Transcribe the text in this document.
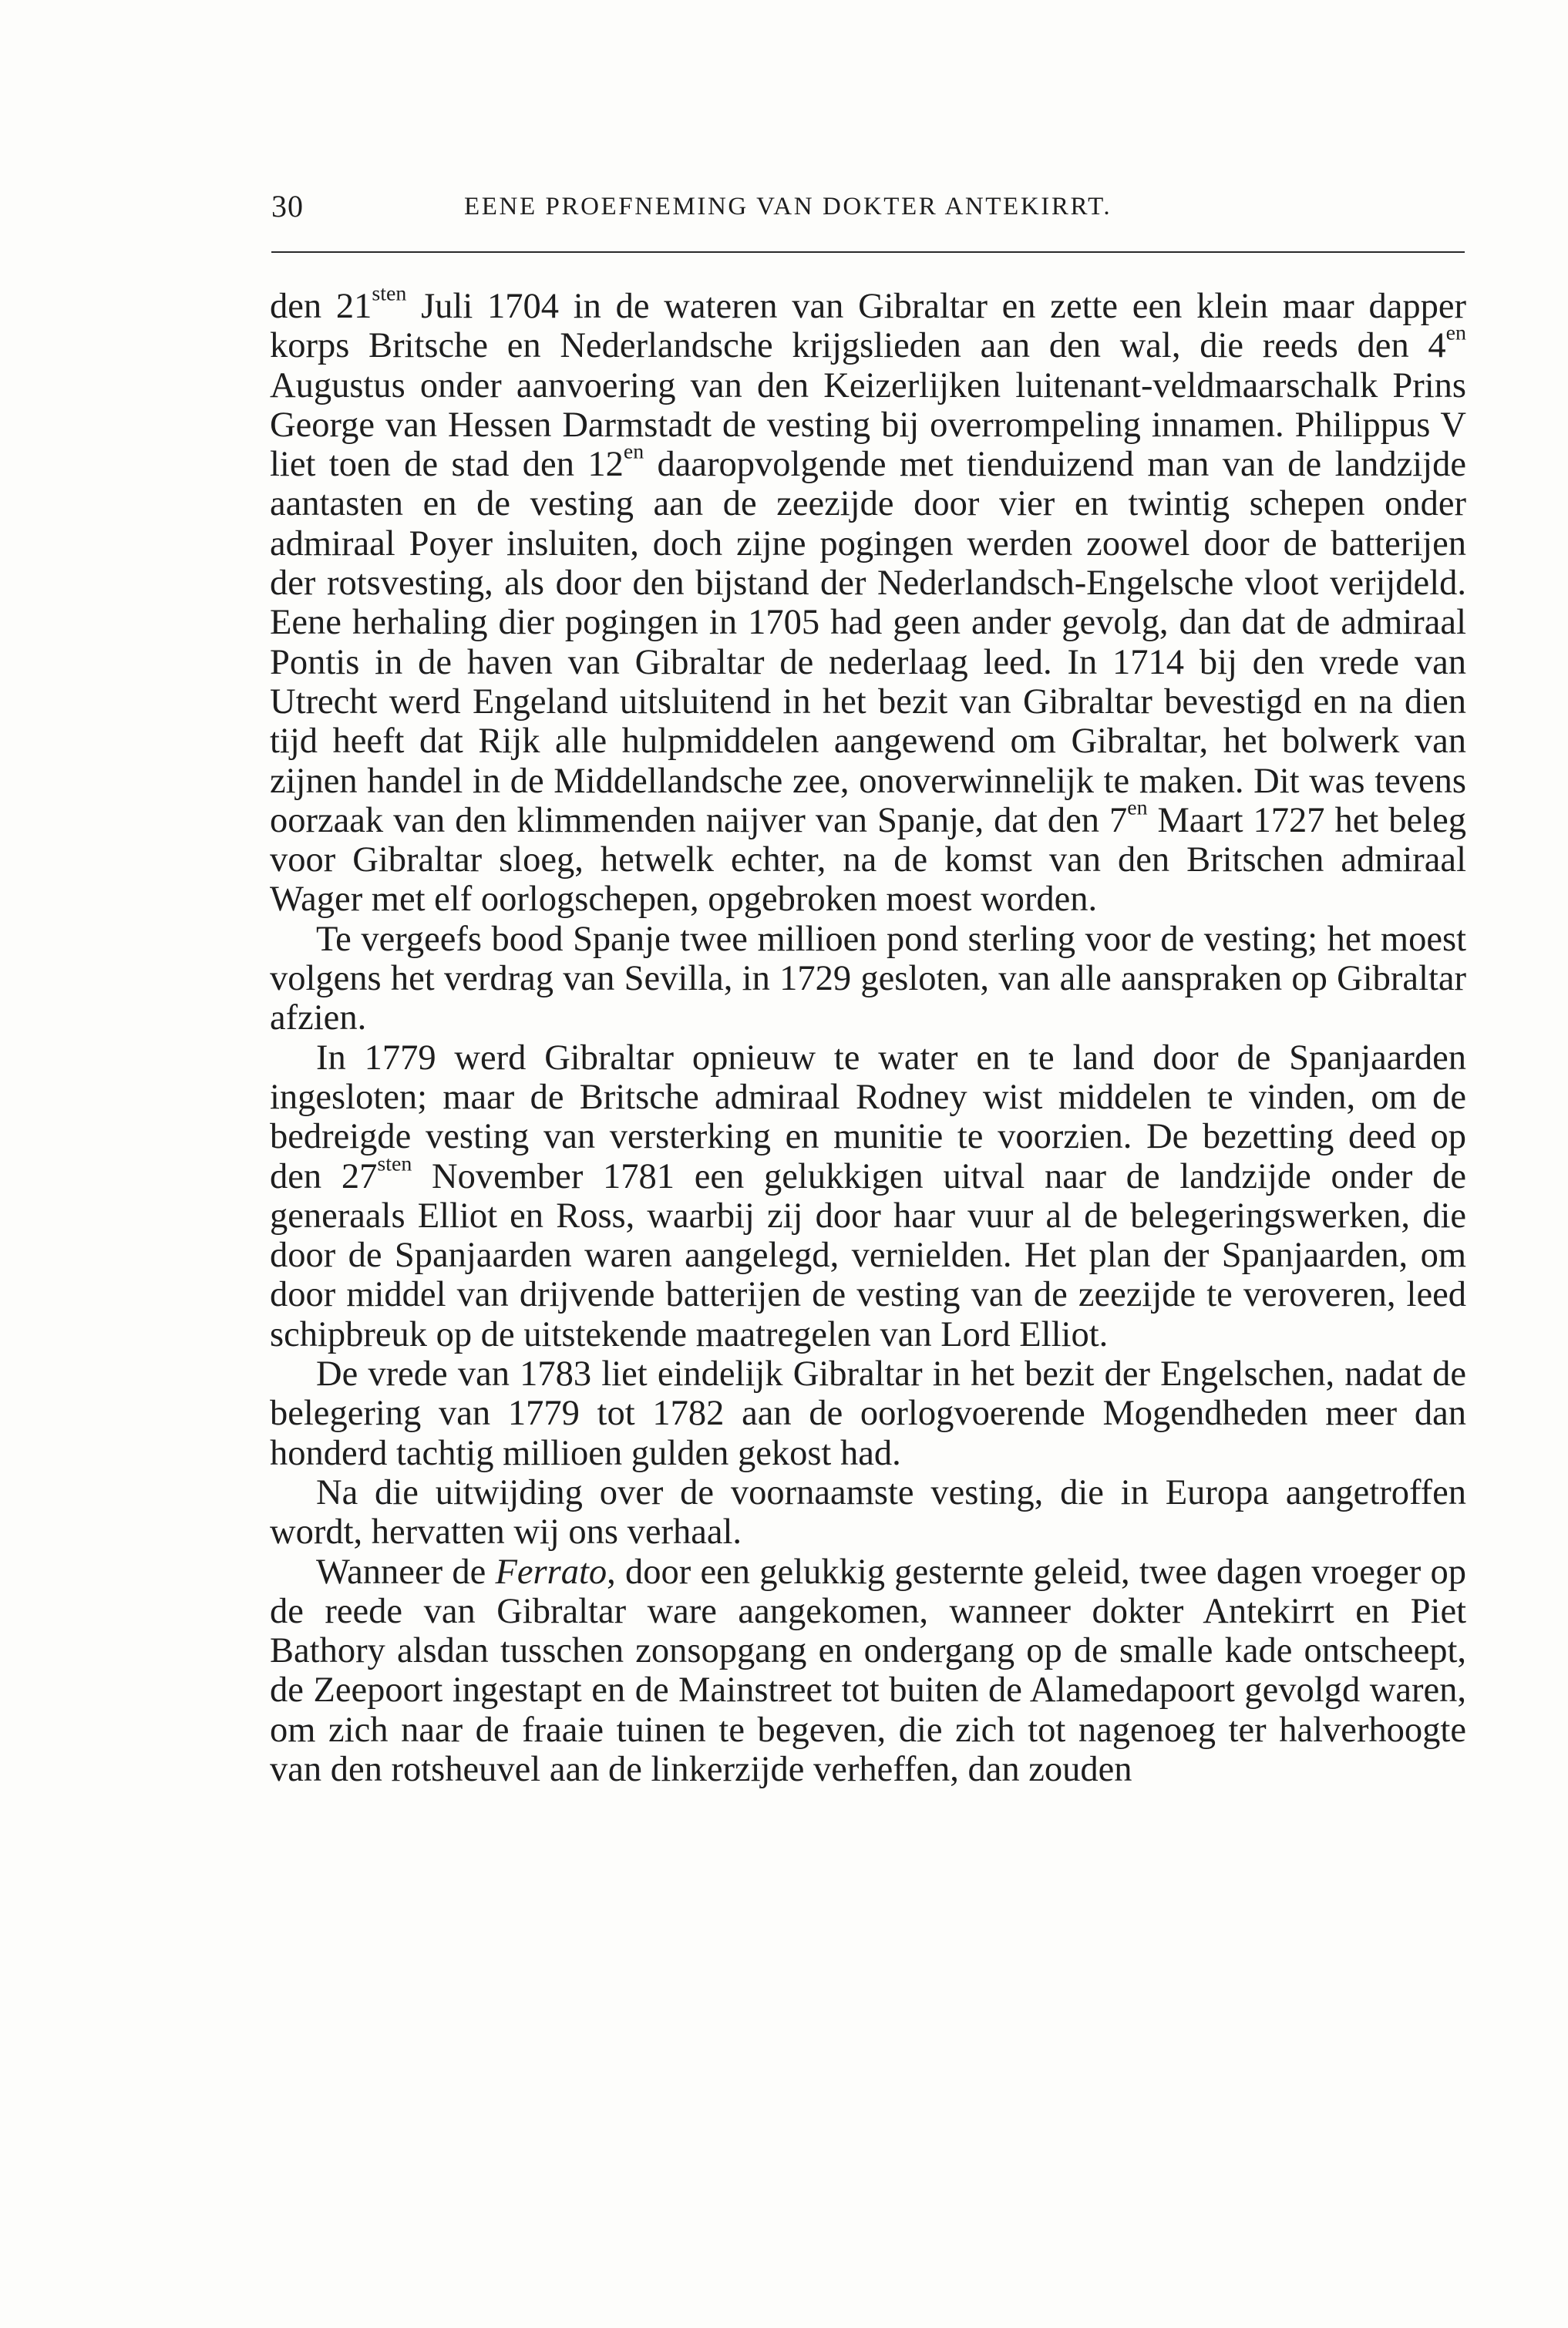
30	EENE PROEFNEMING VAN DOKTER ANTEKIRRT.

den $21^{sten}$ Juli 1704 in de wateren van Gibraltar en zette een klein maar dapper korps Britsche en Nederlandsche krijgslieden aan den wal, die reeds den $4^{en}$ Augustus onder aanvoering van den Keizerlijken luitenant-veldmaarschalk Prins George van Hessen Darmstadt de vesting bij overrompeling innamen. Philippus V liet toen de stad den $12^{en}$ daaropvolgende met tienduizend man van de landzijde aantasten en de vesting aan de zeezijde door vier en twintig schepen onder admiraal Poyer insluiten, doch zijne pogingen werden zoowel door de batterijen der rotsvesting, als door den bijstand der Nederlandsch-Engelsche vloot verijdeld. Eene herhaling dier pogingen in 1705 had geen ander gevolg, dan dat de admiraal Pontis in de haven van Gibraltar de nederlaag leed. In 1714 bij den vrede van Utrecht werd Engeland uitsluitend in het bezit van Gibraltar bevestigd en na dien tijd heeft dat Rijk alle hulpmiddelen aangewend om Gibraltar, het bolwerk van zijnen handel in de Middellandsche zee, onoverwinnelijk te maken. Dit was tevens oorzaak van den klimmenden naijver van Spanje, dat den $7^{en}$ Maart 1727 het beleg voor Gibraltar sloeg, hetwelk echter, na de komst van den Britschen admiraal Wager met elf oorlogschepen, opgebroken moest worden.

Te vergeefs bood Spanje twee millioen pond sterling voor de vesting; het moest volgens het verdrag van Sevilla, in 1729 gesloten, van alle aanspraken op Gibraltar afzien.

In 1779 werd Gibraltar opnieuw te water en te land door de Spanjaarden ingesloten; maar de Britsche admiraal Rodney wist middelen te vinden, om de bedreigde vesting van versterking en munitie te voorzien. De bezetting deed op den $27^{sten}$ November 1781 een gelukkigen uitval naar de landzijde onder de generaals Elliot en Ross, waarbij zij door haar vuur al de belegeringswerken, die door de Spanjaarden waren aangelegd, vernielden. Het plan der Spanjaarden, om door middel van drijvende batterijen de vesting van de zeezijde te veroveren, leed schipbreuk op de uitstekende maatregelen van Lord Elliot.

De vrede van 1783 liet eindelijk Gibraltar in het bezit der Engelschen, nadat de belegering van 1779 tot 1782 aan de oorlogvoerende Mogendheden meer dan honderd tachtig millioen gulden gekost had.

Na die uitwijding over de voornaamste vesting, die in Europa aangetroffen wordt, hervatten wij ons verhaal.

Wanneer de Ferrato, door een gelukkig gesternte geleid, twee dagen vroeger op de reede van Gibraltar ware aangekomen, wanneer dokter Antekirrt en Piet Bathory alsdan tusschen zonsopgang en ondergang op de smalle kade ontscheept, de Zeepoort ingestapt en de Mainstreet tot buiten de Alamedapoort gevolgd waren, om zich naar de fraaie tuinen te begeven, die zich tot nagenoeg ter halverhoogte van den rotsheuvel aan de linkerzijde verheffen, dan zouden
